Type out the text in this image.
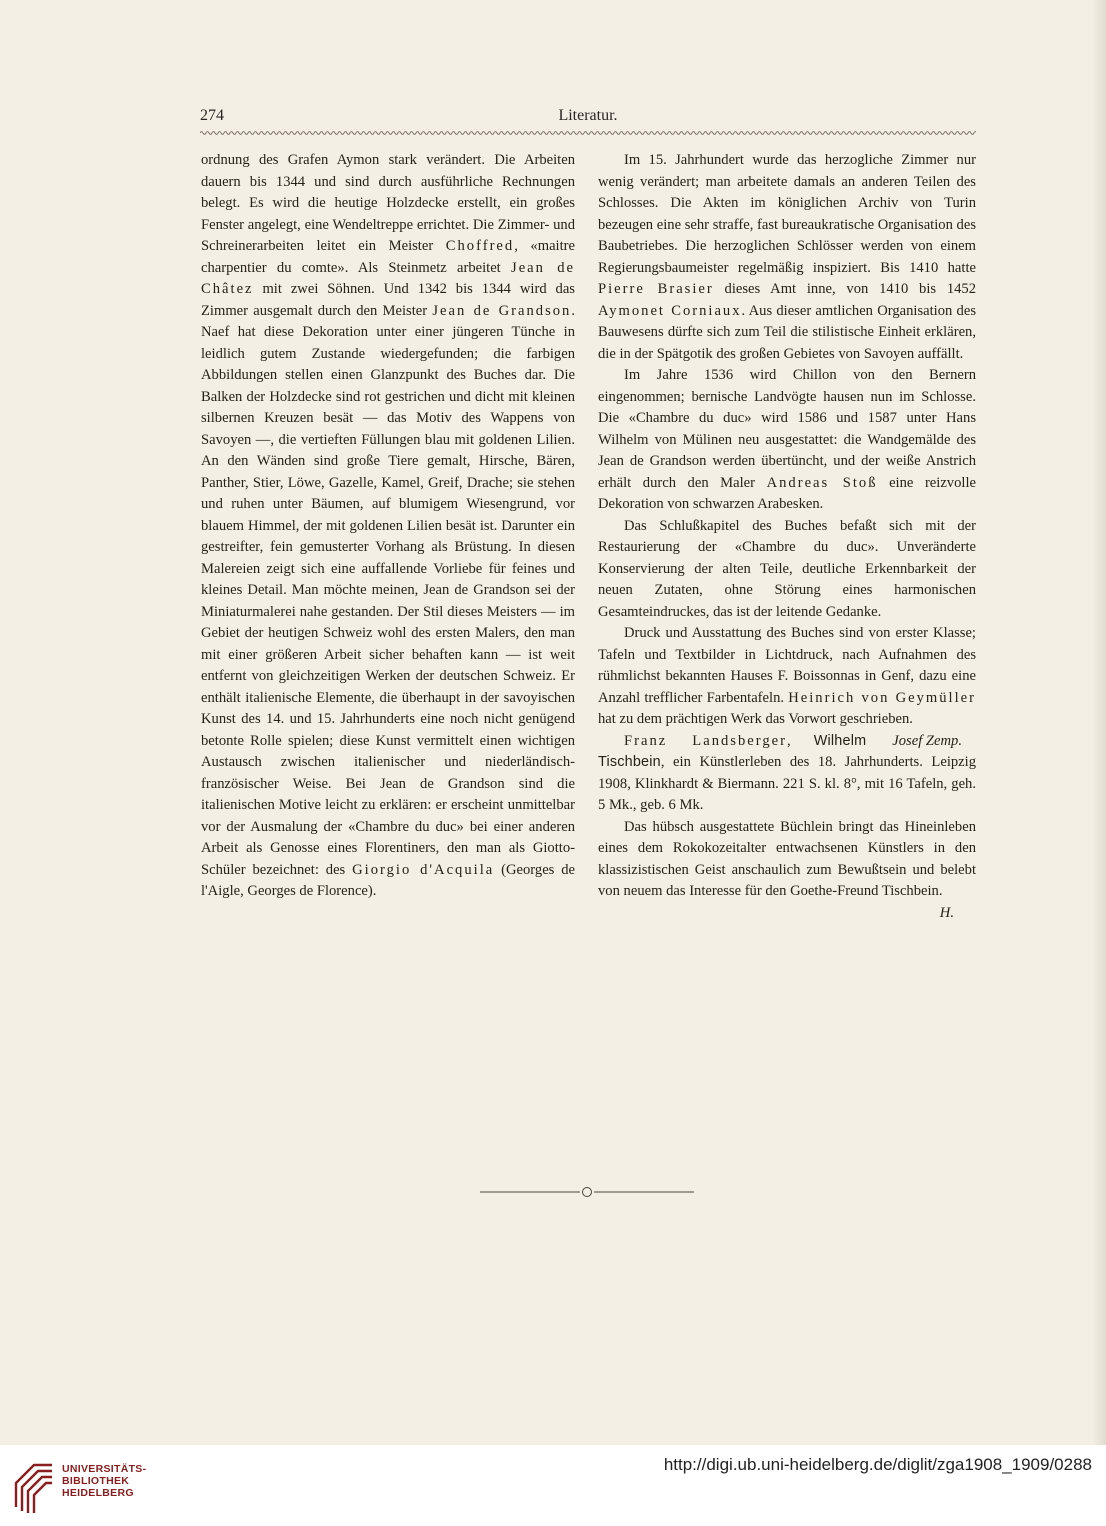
274	Literatur.

ordnung des Grafen Aymon stark verändert. Die Arbeiten dauern bis 1344 und sind durch ausführliche Rechnungen belegt. Es wird die heutige Holzdecke erstellt, ein großes Fenster angelegt, eine Wendeltreppe errichtet. Die Zimmer- und Schreinerarbeiten leitet ein Meister Choffred, «maitre charpentier du comte». Als Steinmetz arbeitet Jean de Châtez mit zwei Söhnen. Und 1342 bis 1344 wird das Zimmer ausgemalt durch den Meister Jean de Grandson. Naef hat diese Dekoration unter einer jüngeren Tünche in leidlich gutem Zustande wiedergefunden; die farbigen Abbildungen stellen einen Glanzpunkt des Buches dar. Die Balken der Holzdecke sind rot gestrichen und dicht mit kleinen silbernen Kreuzen besät — das Motiv des Wappens von Savoyen —, die vertieften Füllungen blau mit goldenen Lilien. An den Wänden sind große Tiere gemalt, Hirsche, Bären, Panther, Stier, Löwe, Gazelle, Kamel, Greif, Drache; sie stehen und ruhen unter Bäumen, auf blumigem Wiesengrund, vor blauem Himmel, der mit goldenen Lilien besät ist. Darunter ein gestreifter, fein gemusterter Vorhang als Brüstung. In diesen Malereien zeigt sich eine auffallende Vorliebe für feines und kleines Detail. Man möchte meinen, Jean de Grandson sei der Miniaturmalerei nahe gestanden. Der Stil dieses Meisters — im Gebiet der heutigen Schweiz wohl des ersten Malers, den man mit einer größeren Arbeit sicher behaften kann — ist weit entfernt von gleichzeitigen Werken der deutschen Schweiz. Er enthält italienische Elemente, die überhaupt in der savoyischen Kunst des 14. und 15. Jahrhunderts eine noch nicht genügend betonte Rolle spielen; diese Kunst vermittelt einen wichtigen Austausch zwischen italienischer und niederländisch-französischer Weise. Bei Jean de Grandson sind die italienischen Motive leicht zu erklären: er erscheint unmittelbar vor der Ausmalung der «Chambre du duc» bei einer anderen Arbeit als Genosse eines Florentiners, den man als Giotto-Schüler bezeichnet: des Giorgio d'Acquila (Georges de l'Aigle, Georges de Florence).

Im 15. Jahrhundert wurde das herzogliche Zimmer nur wenig verändert; man arbeitete damals an anderen Teilen des Schlosses. Die Akten im königlichen Archiv von Turin bezeugen eine sehr straffe, fast bureaukratische Organisation des Baubetriebes. Die herzoglichen Schlösser werden von einem Regierungsbaumeister regelmäßig inspiziert. Bis 1410 hatte Pierre Brasier dieses Amt inne, von 1410 bis 1452 Aymonet Corniaux. Aus dieser amtlichen Organisation des Bauwesens dürfte sich zum Teil die stilistische Einheit erklären, die in der Spätgotik des großen Gebietes von Savoyen auffällt.

Im Jahre 1536 wird Chillon von den Bernern eingenommen; bernische Landvögte hausen nun im Schlosse. Die «Chambre du duc» wird 1586 und 1587 unter Hans Wilhelm von Mülinen neu ausgestattet: die Wandgemälde des Jean de Grandson werden übertüncht, und der weiße Anstrich erhält durch den Maler Andreas Stoß eine reizvolle Dekoration von schwarzen Arabesken.

Das Schlußkapitel des Buches befaßt sich mit der Restaurierung der «Chambre du duc». Unveränderte Konservierung der alten Teile, deutliche Erkennbarkeit der neuen Zutaten, ohne Störung eines harmonischen Gesamteindruckes, das ist der leitende Gedanke.

Druck und Ausstattung des Buches sind von erster Klasse; Tafeln und Textbilder in Lichtdruck, nach Aufnahmen des rühmlichst bekannten Hauses F. Boissonnas in Genf, dazu eine Anzahl trefflicher Farbentafeln. Heinrich von Geymüller hat zu dem prächtigen Werk das Vorwort geschrieben.
Josef Zemp.

Franz Landsberger, Wilhelm Tischbein, ein Künstlerleben des 18. Jahrhunderts. Leipzig 1908, Klinkhardt & Biermann. 221 S. kl. 8°, mit 16 Tafeln, geh. 5 Mk., geb. 6 Mk.

Das hübsch ausgestattete Büchlein bringt das Hineinleben eines dem Rokokozeitalter entwachsenen Künstlers in den klassizistischen Geist anschaulich zum Bewußtsein und belebt von neuem das Interesse für den Goethe-Freund Tischbein.

H.
UNIVERSITÄTS-
BIBLIOTHEK
HEIDELBERG
http://digi.ub.uni-heidelberg.de/diglit/zga1908_1909/0288
